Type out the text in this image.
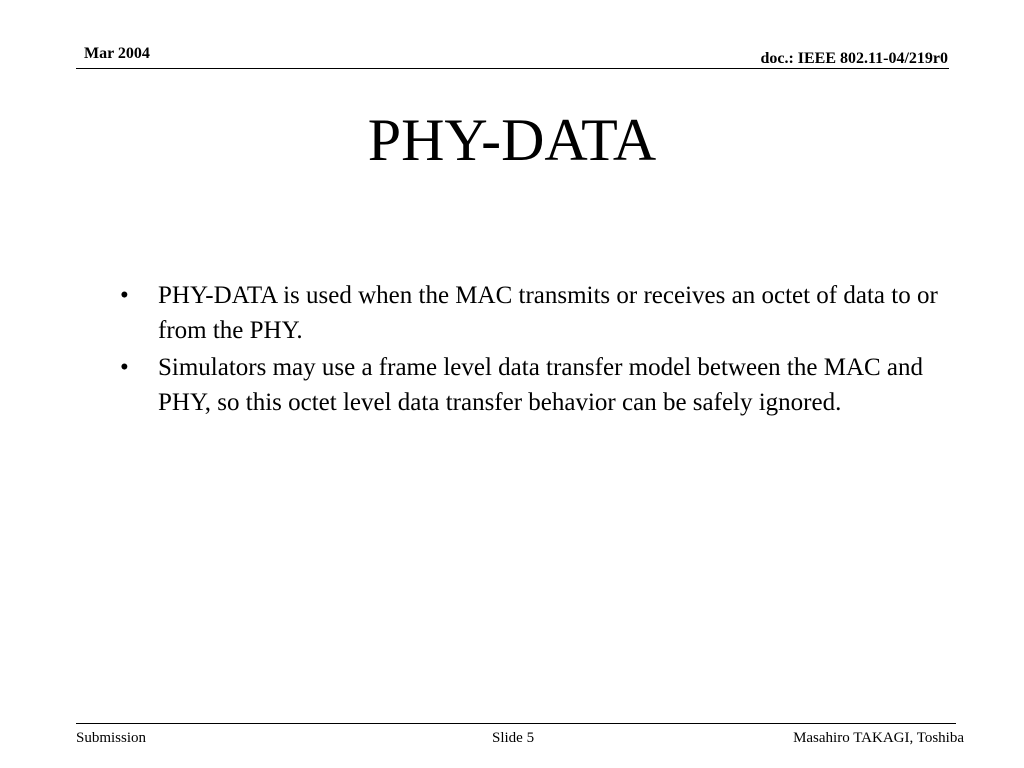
Mar 2004	doc.: IEEE 802.11-04/219r0
PHY-DATA
• PHY-DATA is used when the MAC transmits or receives an octet of data to or from the PHY.
• Simulators may use a frame level data transfer model between the MAC and PHY, so this octet level data transfer behavior can be safely ignored.
Submission	Slide 5	Masahiro TAKAGI, Toshiba
